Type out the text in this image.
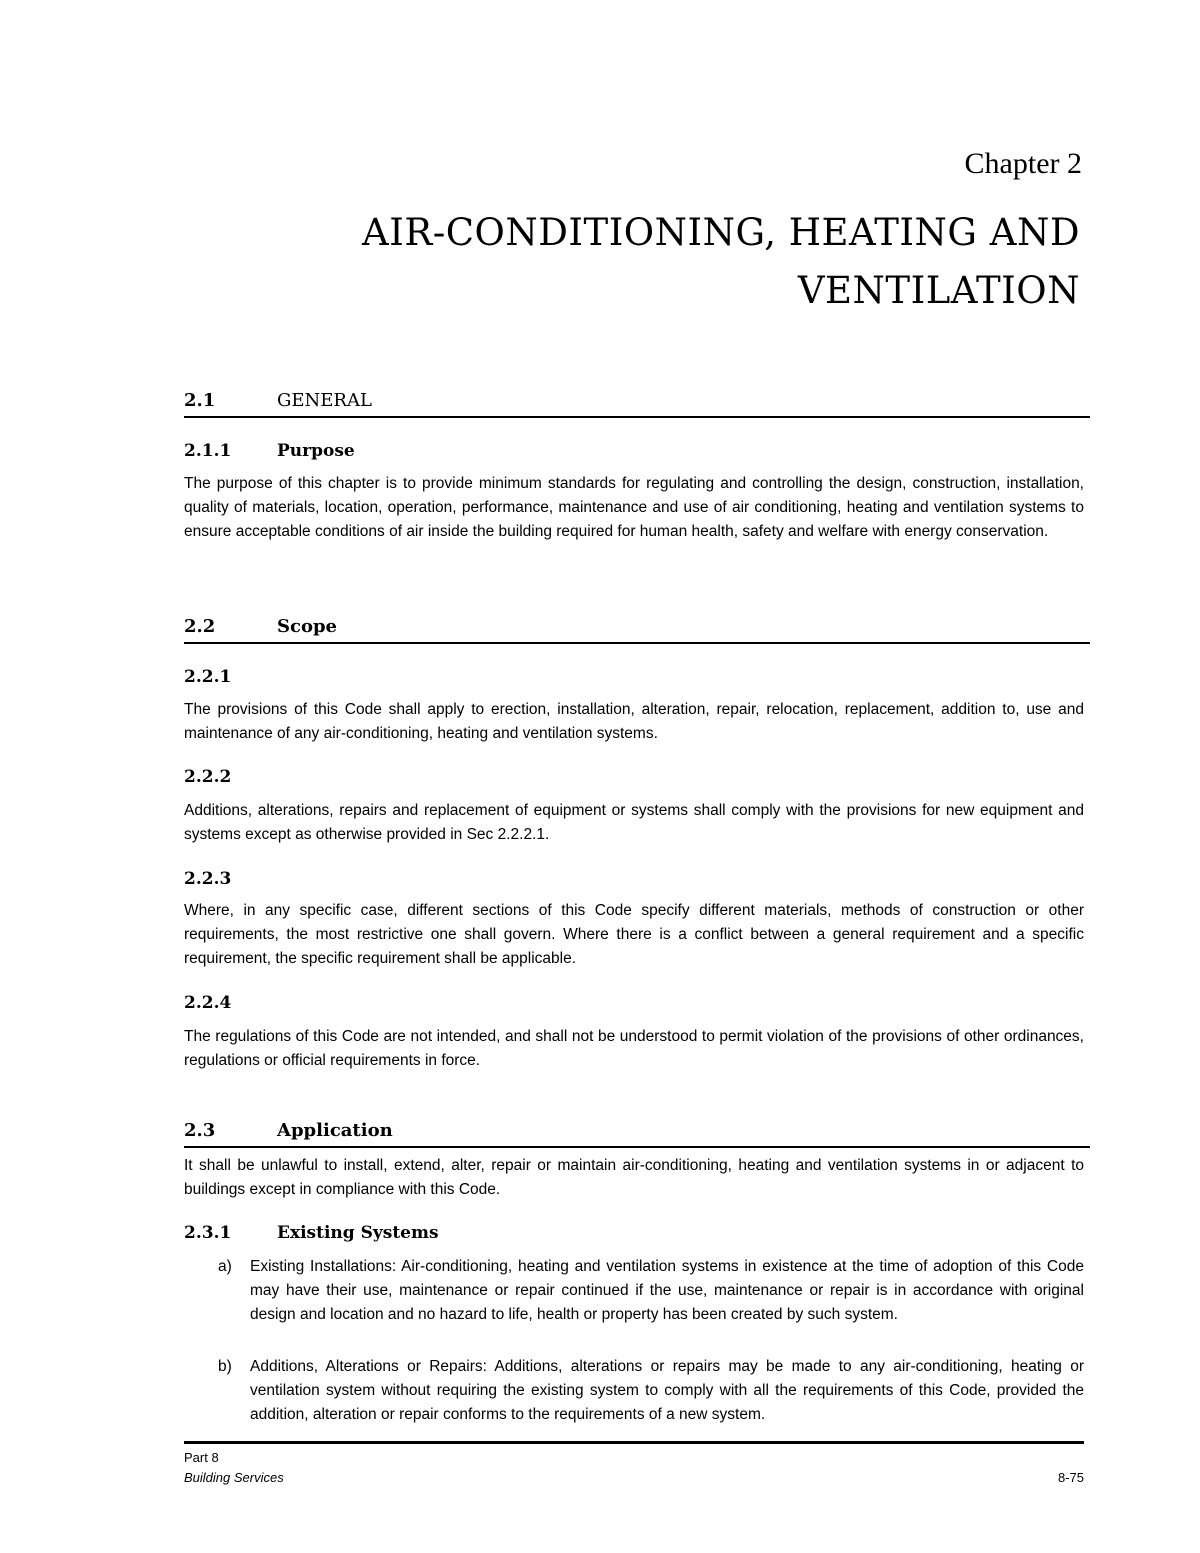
Chapter 2
AIR-CONDITIONING, HEATING AND
VENTILATION
2.1	GENERAL
2.1.1	Purpose
The purpose of this chapter is to provide minimum standards for regulating and controlling the design, construction, installation, quality of materials, location, operation, performance, maintenance and use of air conditioning, heating and ventilation systems to ensure acceptable conditions of air inside the building required for human health, safety and welfare with energy conservation.
2.2	Scope
2.2.1
The provisions of this Code shall apply to erection, installation, alteration, repair, relocation, replacement, addition to, use and maintenance of any air-conditioning, heating and ventilation systems.
2.2.2
Additions, alterations, repairs and replacement of equipment or systems shall comply with the provisions for new equipment and systems except as otherwise provided in Sec 2.2.2.1.
2.2.3
Where, in any specific case, different sections of this Code specify different materials, methods of construction or other requirements, the most restrictive one shall govern. Where there is a conflict between a general requirement and a specific requirement, the specific requirement shall be applicable.
2.2.4
The regulations of this Code are not intended, and shall not be understood to permit violation of the provisions of other ordinances, regulations or official requirements in force.
2.3	Application
It shall be unlawful to install, extend, alter, repair or maintain air-conditioning, heating and ventilation systems in or adjacent to buildings except in compliance with this Code.
2.3.1	Existing Systems
a) Existing Installations: Air-conditioning, heating and ventilation systems in existence at the time of adoption of this Code may have their use, maintenance or repair continued if the use, maintenance or repair is in accordance with original design and location and no hazard to life, health or property has been created by such system.
b) Additions, Alterations or Repairs: Additions, alterations or repairs may be made to any air-conditioning, heating or ventilation system without requiring the existing system to comply with all the requirements of this Code, provided the addition, alteration or repair conforms to the requirements of a new system.
Part 8
Building Services	8-75
